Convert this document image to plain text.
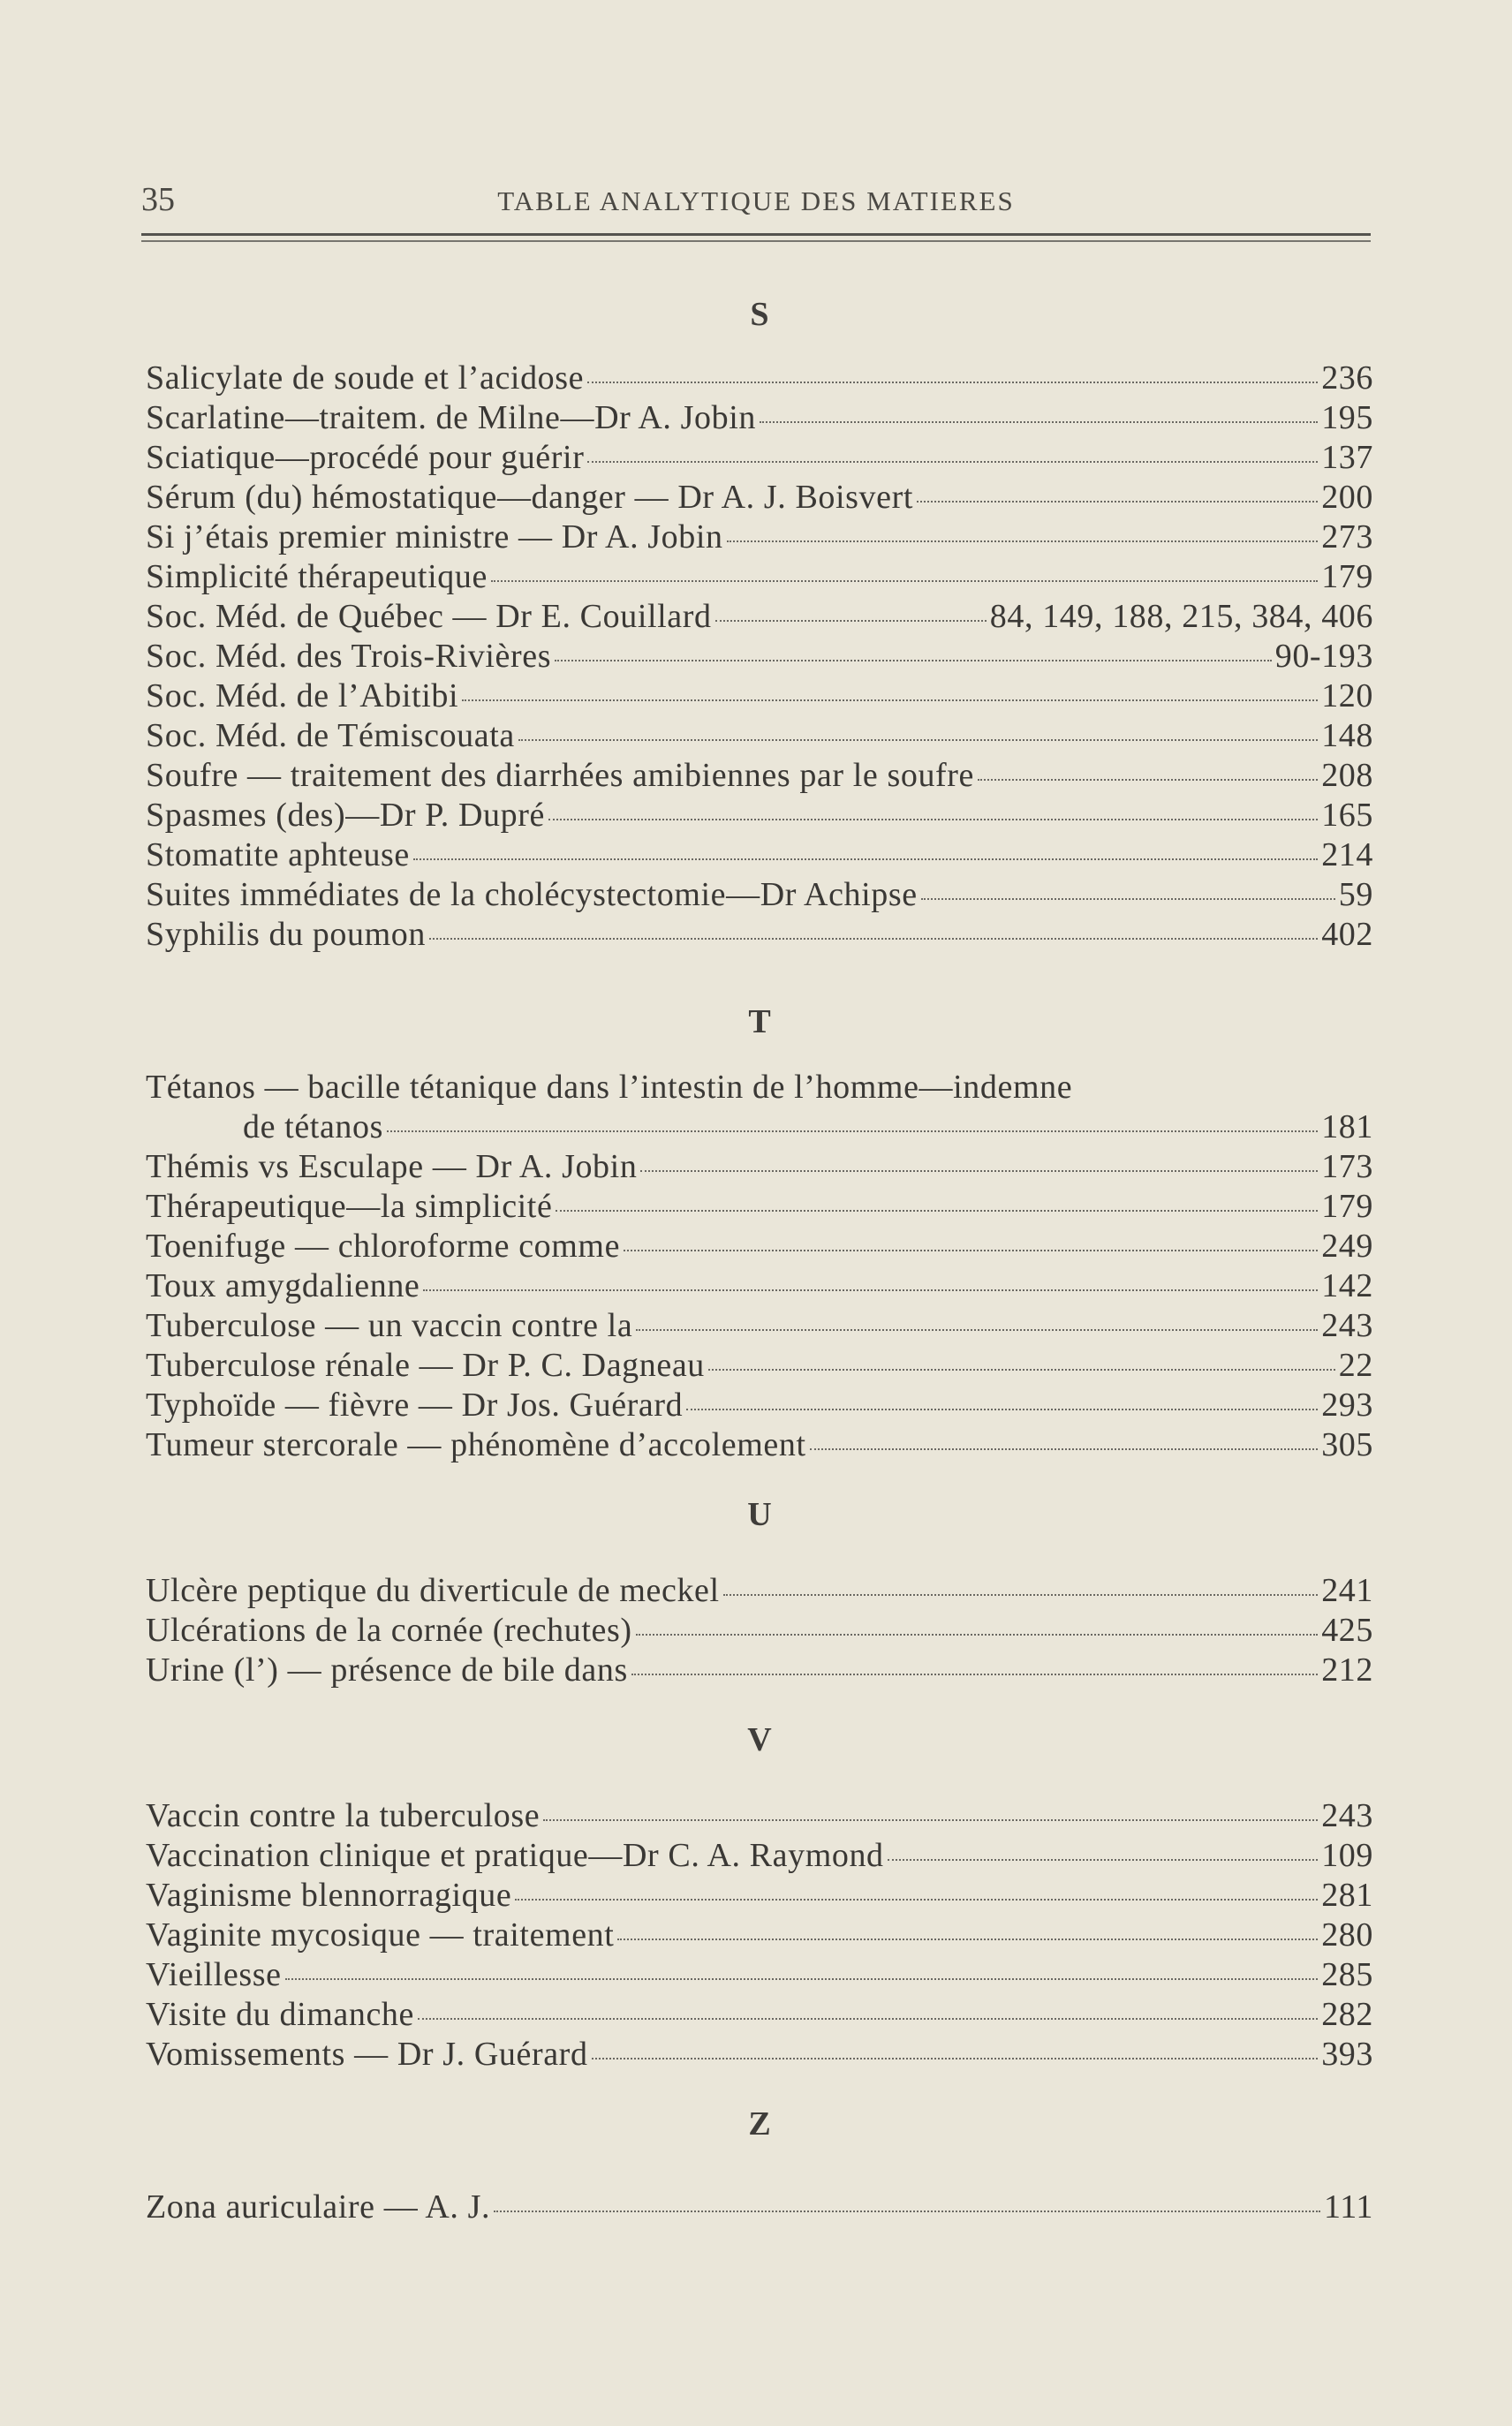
35	TABLE ANALYTIQUE DES MATIERES
S
Salicylate de soude et l’acidose	236
Scarlatine—traitem. de Milne—Dr A. Jobin	195
Sciatique—procédé pour guérir	137
Sérum (du) hémostatique—danger — Dr A. J. Boisvert	200
Si j’étais premier ministre — Dr A. Jobin	273
Simplicité thérapeutique	179
Soc. Méd. de Québec — Dr E. Couillard	84, 149, 188, 215, 384, 406
Soc. Méd. des Trois-Rivières	90-193
Soc. Méd. de l’Abitibi	120
Soc. Méd. de Témiscouata	148
Soufre — traitement des diarrhées amibiennes par le soufre	208
Spasmes (des)—Dr P. Dupré	165
Stomatite aphteuse	214
Suites immédiates de la cholécystectomie—Dr Achipse	59
Syphilis du poumon	402
T
Tétanos — bacille tétanique dans l’intestin de l’homme—indemne
de tétanos	181
Thémis vs Esculape — Dr A. Jobin	173
Thérapeutique—la simplicité	179
Toenifuge — chloroforme comme	249
Toux amygdalienne	142
Tuberculose — un vaccin contre la	243
Tuberculose rénale — Dr P. C. Dagneau	22
Typhoïde — fièvre — Dr Jos. Guérard	293
Tumeur stercorale — phénomène d’accolement	305
U
Ulcère peptique du diverticule de meckel	241
Ulcérations de la cornée (rechutes)	425
Urine (l’) — présence de bile dans	212
V
Vaccin contre la tuberculose	243
Vaccination clinique et pratique—Dr C. A. Raymond	109
Vaginisme blennorragique	281
Vaginite mycosique — traitement	280
Vieillesse	285
Visite du dimanche	282
Vomissements — Dr J. Guérard	393
Z
Zona auriculaire — A. J.	111
